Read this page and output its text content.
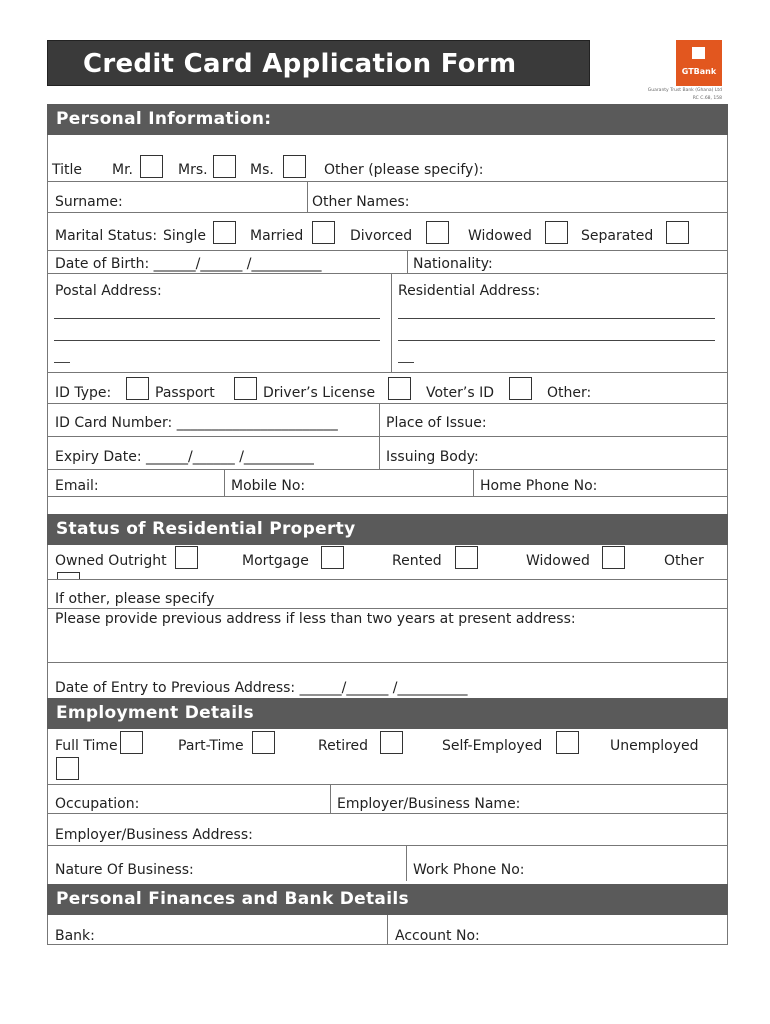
Credit Card Application Form	GTBank
Guaranty Trust Bank (Ghana) Ltd
RC C.68, 158
Personal Information:
Title Mr.	Mrs.	Ms.	Other (please specify):
Surname:	Other Names:
Marital Status: Single	Married	Divorced	Widowed	Separated
Date of Birth: ______/______ /__________	Nationality:
Postal Address:	Residential Address:
ID Type:	Passport	Driver’s License	Voter’s ID	Other:
ID Card Number: _______________________	Place of Issue:
Expiry Date: ______/______ /__________	Issuing Body:
Email:	Mobile No:	Home Phone No:
Status of Residential Property
Owned Outright	Mortgage	Rented	Widowed	Other
If other, please specify
Please provide previous address if less than two years at present address:
Date of Entry to Previous Address: ______/______ /__________
Employment Details
Full Time	Part-Time	Retired	Self-Employed	Unemployed
Occupation:	Employer/Business Name:
Employer/Business Address:
Nature Of Business:	Work Phone No:
Personal Finances and Bank Details
Bank:	Account No:
